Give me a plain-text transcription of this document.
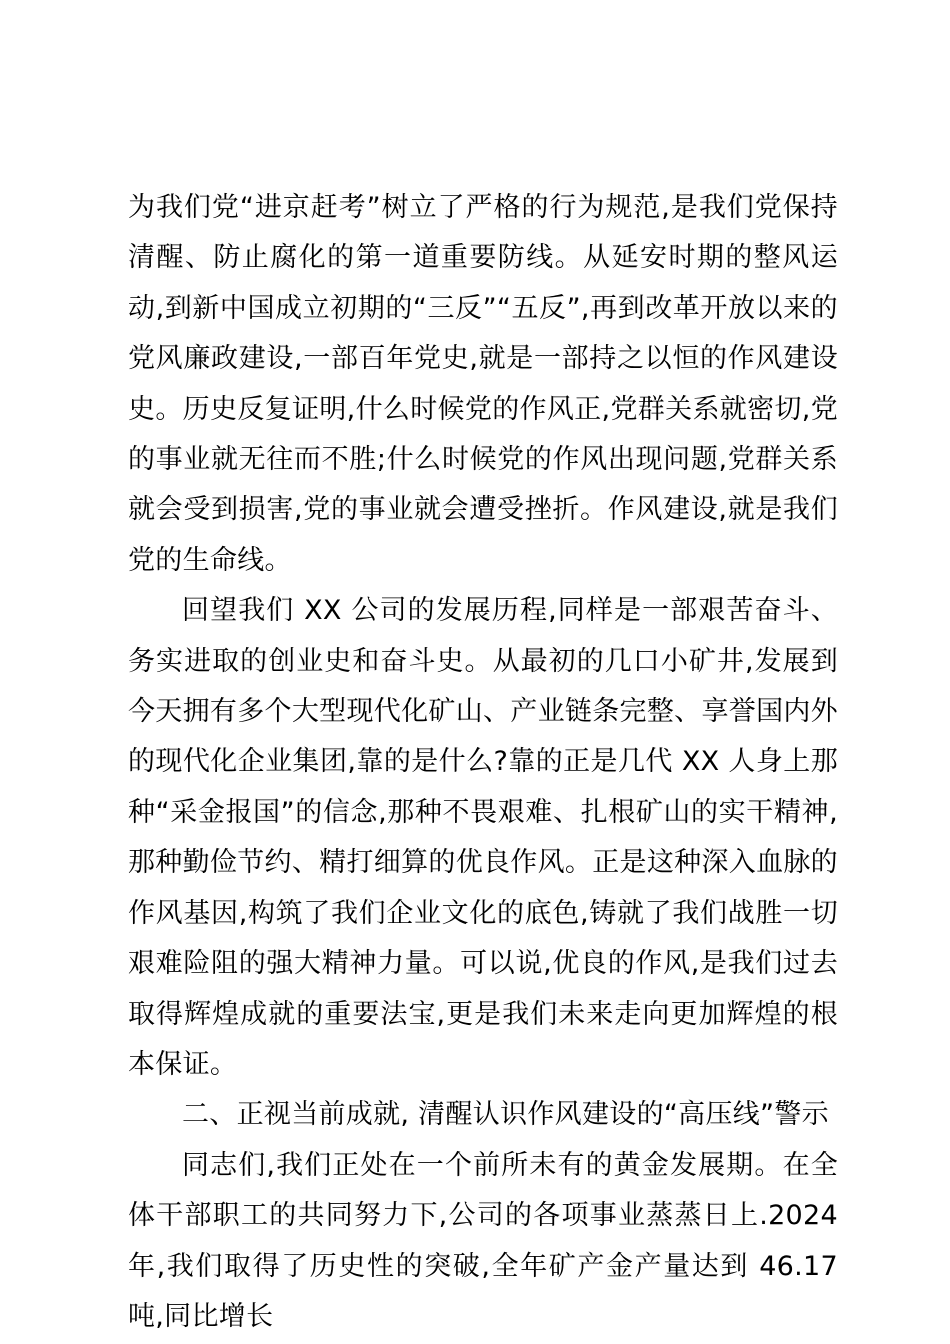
为我们党“进京赶考”树立了严格的行为规范,是我们党保持清醒、防止腐化的第一道重要防线。从延安时期的整风运动,到新中国成立初期的“三反”“五反”,再到改革开放以来的党风廉政建设,一部百年党史,就是一部持之以恒的作风建设史。历史反复证明,什么时候党的作风正,党群关系就密切,党的事业就无往而不胜;什么时候党的作风出现问题,党群关系就会受到损害,党的事业就会遭受挫折。作风建设,就是我们党的生命线。

回望我们 XX 公司的发展历程,同样是一部艰苦奋斗、务实进取的创业史和奋斗史。从最初的几口小矿井,发展到今天拥有多个大型现代化矿山、产业链条完整、享誉国内外的现代化企业集团,靠的是什么?靠的正是几代 XX 人身上那种“采金报国”的信念,那种不畏艰难、扎根矿山的实干精神,那种勤俭节约、精打细算的优良作风。正是这种深入血脉的作风基因,构筑了我们企业文化的底色,铸就了我们战胜一切艰难险阻的强大精神力量。可以说,优良的作风,是我们过去取得辉煌成就的重要法宝,更是我们未来走向更加辉煌的根本保证。

二、正视当前成就, 清醒认识作风建设的“高压线”警示

同志们,我们正处在一个前所未有的黄金发展期。在全体干部职工的共同努力下,公司的各项事业蒸蒸日上.2024 年,我们取得了历史性的突破,全年矿产金产量达到 46.17 吨,同比增长
